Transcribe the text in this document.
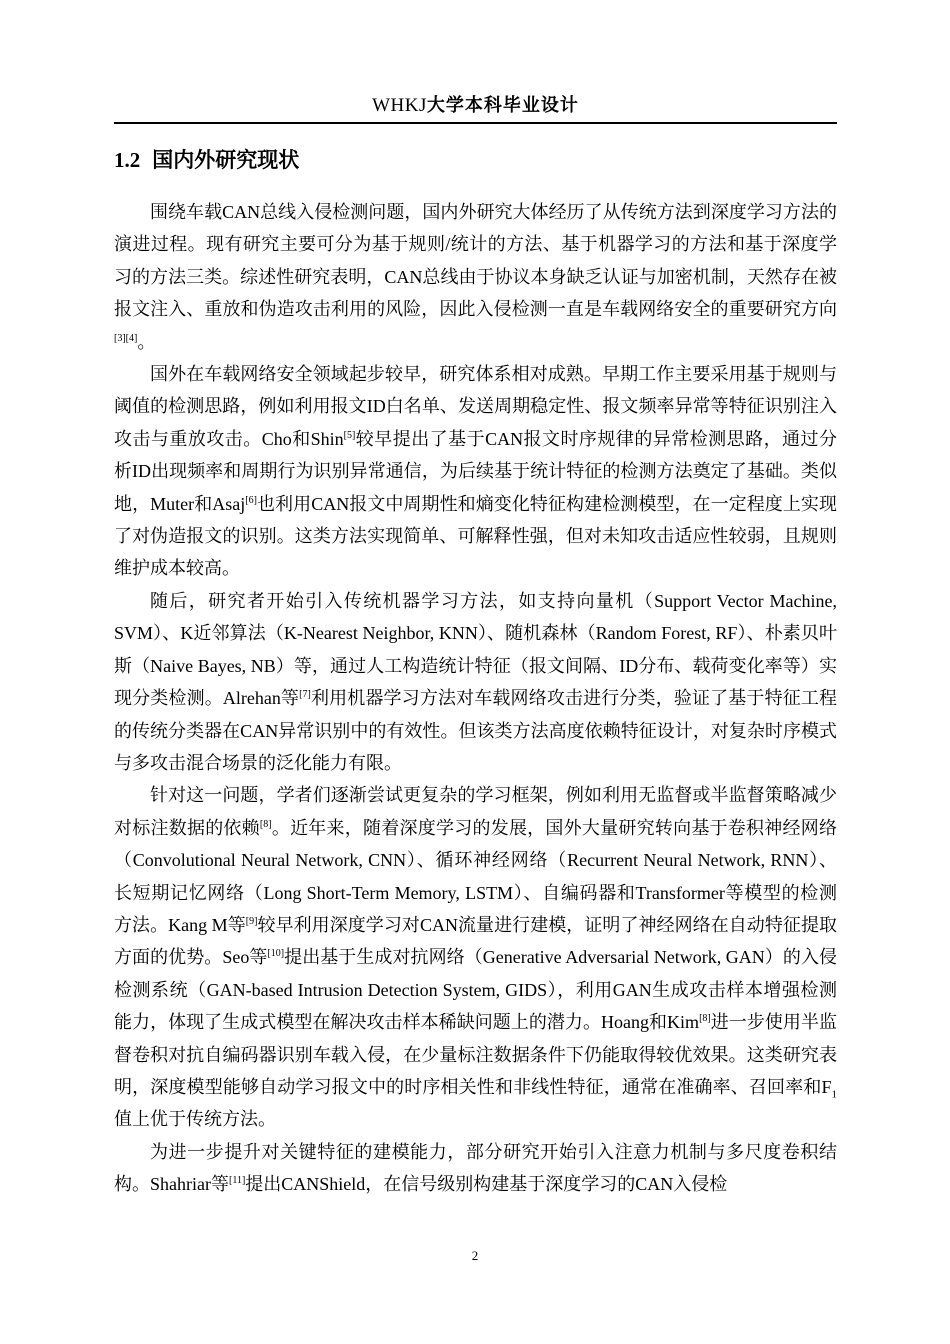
WHKJ大学本科毕业设计
1.2 国内外研究现状

围绕车载CAN总线入侵检测问题，国内外研究大体经历了从传统方法到深度学习方法的演进过程。现有研究主要可分为基于规则/统计的方法、基于机器学习的方法和基于深度学习的方法三类。综述性研究表明，CAN总线由于协议本身缺乏认证与加密机制，天然存在被报文注入、重放和伪造攻击利用的风险，因此入侵检测一直是车载网络安全的重要研究方向[3][4]。

国外在车载网络安全领域起步较早，研究体系相对成熟。早期工作主要采用基于规则与阈值的检测思路，例如利用报文ID白名单、发送周期稳定性、报文频率异常等特征识别注入攻击与重放攻击。Cho和Shin[5]较早提出了基于CAN报文时序规律的异常检测思路，通过分析ID出现频率和周期行为识别异常通信，为后续基于统计特征的检测方法奠定了基础。类似地，Muter和Asaj[6]也利用CAN报文中周期性和熵变化特征构建检测模型，在一定程度上实现了对伪造报文的识别。这类方法实现简单、可解释性强，但对未知攻击适应性较弱，且规则维护成本较高。

随后，研究者开始引入传统机器学习方法，如支持向量机（Support Vector Machine, SVM）、K近邻算法（K-Nearest Neighbor, KNN）、随机森林（Random Forest, RF）、朴素贝叶斯（Naive Bayes, NB）等，通过人工构造统计特征（报文间隔、ID分布、载荷变化率等）实现分类检测。Alrehan等[7]利用机器学习方法对车载网络攻击进行分类，验证了基于特征工程的传统分类器在CAN异常识别中的有效性。但该类方法高度依赖特征设计，对复杂时序模式与多攻击混合场景的泛化能力有限。

针对这一问题，学者们逐渐尝试更复杂的学习框架，例如利用无监督或半监督策略减少对标注数据的依赖[8]。近年来，随着深度学习的发展，国外大量研究转向基于卷积神经网络（Convolutional Neural Network, CNN）、循环神经网络（Recurrent Neural Network, RNN）、长短期记忆网络（Long Short-Term Memory, LSTM）、自编码器和Transformer等模型的检测方法。Kang M等[9]较早利用深度学习对CAN流量进行建模，证明了神经网络在自动特征提取方面的优势。Seo等[10]提出基于生成对抗网络（Generative Adversarial Network, GAN）的入侵检测系统（GAN-based Intrusion Detection System, GIDS），利用GAN生成攻击样本增强检测能力，体现了生成式模型在解决攻击样本稀缺问题上的潜力。Hoang和Kim[8]进一步使用半监督卷积对抗自编码器识别车载入侵，在少量标注数据条件下仍能取得较优效果。这类研究表明，深度模型能够自动学习报文中的时序相关性和非线性特征，通常在准确率、召回率和$F_1$值上优于传统方法。

为进一步提升对关键特征的建模能力，部分研究开始引入注意力机制与多尺度卷积结构。Shahriar等[11]提出CANShield，在信号级别构建基于深度学习的CAN入侵检

2
